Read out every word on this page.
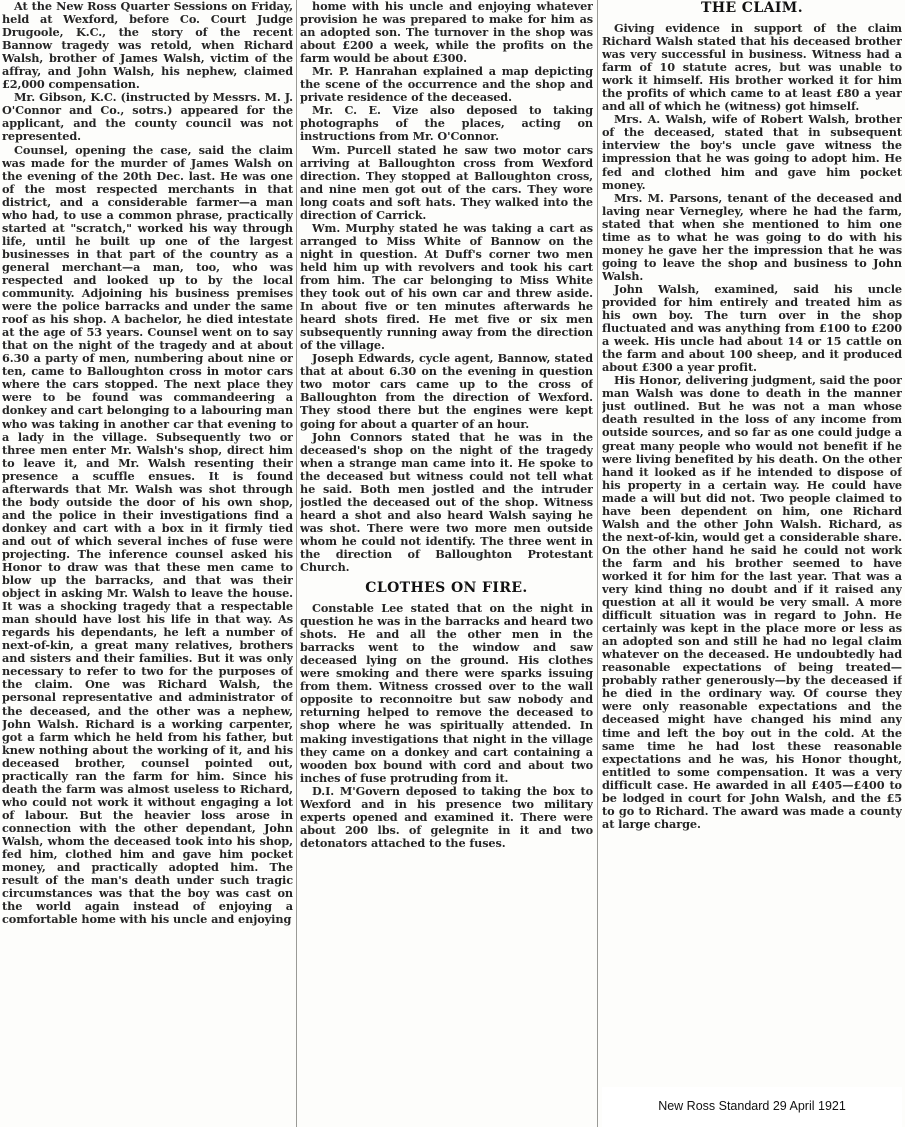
At the New Ross Quarter Sessions on Friday, held at Wexford, before Co. Court Judge Drugoole, K.C., the story of the recent Bannow tragedy was retold, when Richard Walsh, brother of James Walsh, victim of the affray, and John Walsh, his nephew, claimed £2,000 compensation.

Mr. Gibson, K.C. (instructed by Messrs. M. J. O'Connor and Co., sotrs.) appeared for the applicant, and the county council was not represented.

Counsel, opening the case, said the claim was made for the murder of James Walsh on the evening of the 20th Dec. last. He was one of the most respected merchants in that district, and a considerable farmer—a man who had, to use a common phrase, practically started at "scratch," worked his way through life, until he built up one of the largest businesses in that part of the country as a general merchant—a man, too, who was respected and looked up to by the local community. Adjoining his business premises were the police barracks and under the same roof as his shop. A bachelor, he died intestate at the age of 53 years. Counsel went on to say that on the night of the tragedy and at about 6.30 a party of men, numbering about nine or ten, came to Balloughton cross in motor cars where the cars stopped. The next place they were to be found was commandeering a donkey and cart belonging to a labouring man who was taking in another car that evening to a lady in the village. Subsequently two or three men enter Mr. Walsh's shop, direct him to leave it, and Mr. Walsh resenting their presence a scuffle ensues. It is found afterwards that Mr. Walsh was shot through the body outside the door of his own shop, and the police in their investigations find a donkey and cart with a box in it firmly tied and out of which several inches of fuse were projecting. The inference counsel asked his Honor to draw was that these men came to blow up the barracks, and that was their object in asking Mr. Walsh to leave the house. It was a shocking tragedy that a respectable man should have lost his life in that way. As regards his dependants, he left a number of next-of-kin, a great many relatives, brothers and sisters and their families. But it was only necessary to refer to two for the purposes of the claim. One was Richard Walsh, the personal representative and administrator of the deceased, and the other was a nephew, John Walsh. Richard is a working carpenter, got a farm which he held from his father, but knew nothing about the working of it, and his deceased brother, counsel pointed out, practically ran the farm for him. Since his death the farm was almost useless to Richard, who could not work it without engaging a lot of labour. But the heavier loss arose in connection with the other dependant, John Walsh, whom the deceased took into his shop, fed him, clothed him and gave him pocket money, and practically adopted him. The result of the man's death under such tragic circumstances was that the boy was cast on the world again instead of enjoying a comfortable home with his uncle and enjoying

home with his uncle and enjoying whatever provision he was prepared to make for him as an adopted son. The turnover in the shop was about £200 a week, while the profits on the farm would be about £300.

Mr. P. Hanrahan explained a map depicting the scene of the occurrence and the shop and private residence of the deceased.

Mr. C. E. Vize also deposed to taking photographs of the places, acting on instructions from Mr. O'Connor.

Wm. Purcell stated he saw two motor cars arriving at Balloughton cross from Wexford direction. They stopped at Balloughton cross, and nine men got out of the cars. They wore long coats and soft hats. They walked into the direction of Carrick.

Wm. Murphy stated he was taking a cart as arranged to Miss White of Bannow on the night in question. At Duff's corner two men held him up with revolvers and took his cart from him. The car belonging to Miss White they took out of his own car and threw aside. In about five or ten minutes afterwards he heard shots fired. He met five or six men subsequently running away from the direction of the village.

Joseph Edwards, cycle agent, Bannow, stated that at about 6.30 on the evening in question two motor cars came up to the cross of Balloughton from the direction of Wexford. They stood there but the engines were kept going for about a quarter of an hour.

John Connors stated that he was in the deceased's shop on the night of the tragedy when a strange man came into it. He spoke to the deceased but witness could not tell what he said. Both men jostled and the intruder jostled the deceased out of the shop. Witness heard a shot and also heard Walsh saying he was shot. There were two more men outside whom he could not identify. The three went in the direction of Balloughton Protestant Church.

CLOTHES ON FIRE.

Constable Lee stated that on the night in question he was in the barracks and heard two shots. He and all the other men in the barracks went to the window and saw deceased lying on the ground. His clothes were smoking and there were sparks issuing from them. Witness crossed over to the wall opposite to reconnoitre but saw nobody and returning helped to remove the deceased to shop where he was spiritually attended. In making investigations that night in the village they came on a donkey and cart containing a wooden box bound with cord and about two inches of fuse protruding from it.

D.I. M'Govern deposed to taking the box to Wexford and in his presence two military experts opened and examined it. There were about 200 lbs. of gelegnite in it and two detonators attached to the fuses.

THE CLAIM.

Giving evidence in support of the claim Richard Walsh stated that his deceased brother was very successful in business. Witness had a farm of 10 statute acres, but was unable to work it himself. His brother worked it for him the profits of which came to at least £80 a year and all of which he (witness) got himself.

Mrs. A. Walsh, wife of Robert Walsh, brother of the deceased, stated that in subsequent interview the boy's uncle gave witness the impression that he was going to adopt him. He fed and clothed him and gave him pocket money.

Mrs. M. Parsons, tenant of the deceased and laving near Vernegley, where he had the farm, stated that when she mentioned to him one time as to what he was going to do with his money he gave her the impression that he was going to leave the shop and business to John Walsh.

John Walsh, examined, said his uncle provided for him entirely and treated him as his own boy. The turn over in the shop fluctuated and was anything from £100 to £200 a week. His uncle had about 14 or 15 cattle on the farm and about 100 sheep, and it produced about £300 a year profit.

His Honor, delivering judgment, said the poor man Walsh was done to death in the manner just outlined. But he was not a man whose death resulted in the loss of any income from outside sources, and so far as one could judge a great many people who would not benefit if he were living benefited by his death. On the other hand it looked as if he intended to dispose of his property in a certain way. He could have made a will but did not. Two people claimed to have been dependent on him, one Richard Walsh and the other John Walsh. Richard, as the next-of-kin, would get a considerable share. On the other hand he said he could not work the farm and his brother seemed to have worked it for him for the last year. That was a very kind thing no doubt and if it raised any question at all it would be very small. A more difficult situation was in regard to John. He certainly was kept in the place more or less as an adopted son and still he had no legal claim whatever on the deceased. He undoubtedly had reasonable expectations of being treated—probably rather generously—by the deceased if he died in the ordinary way. Of course they were only reasonable expectations and the deceased might have changed his mind any time and left the boy out in the cold. At the same time he had lost these reasonable expectations and he was, his Honor thought, entitled to some compensation. It was a very difficult case. He awarded in all £405—£400 to be lodged in court for John Walsh, and the £5 to go to Richard. The award was made a county at large charge.

New Ross Standard 29 April 1921
